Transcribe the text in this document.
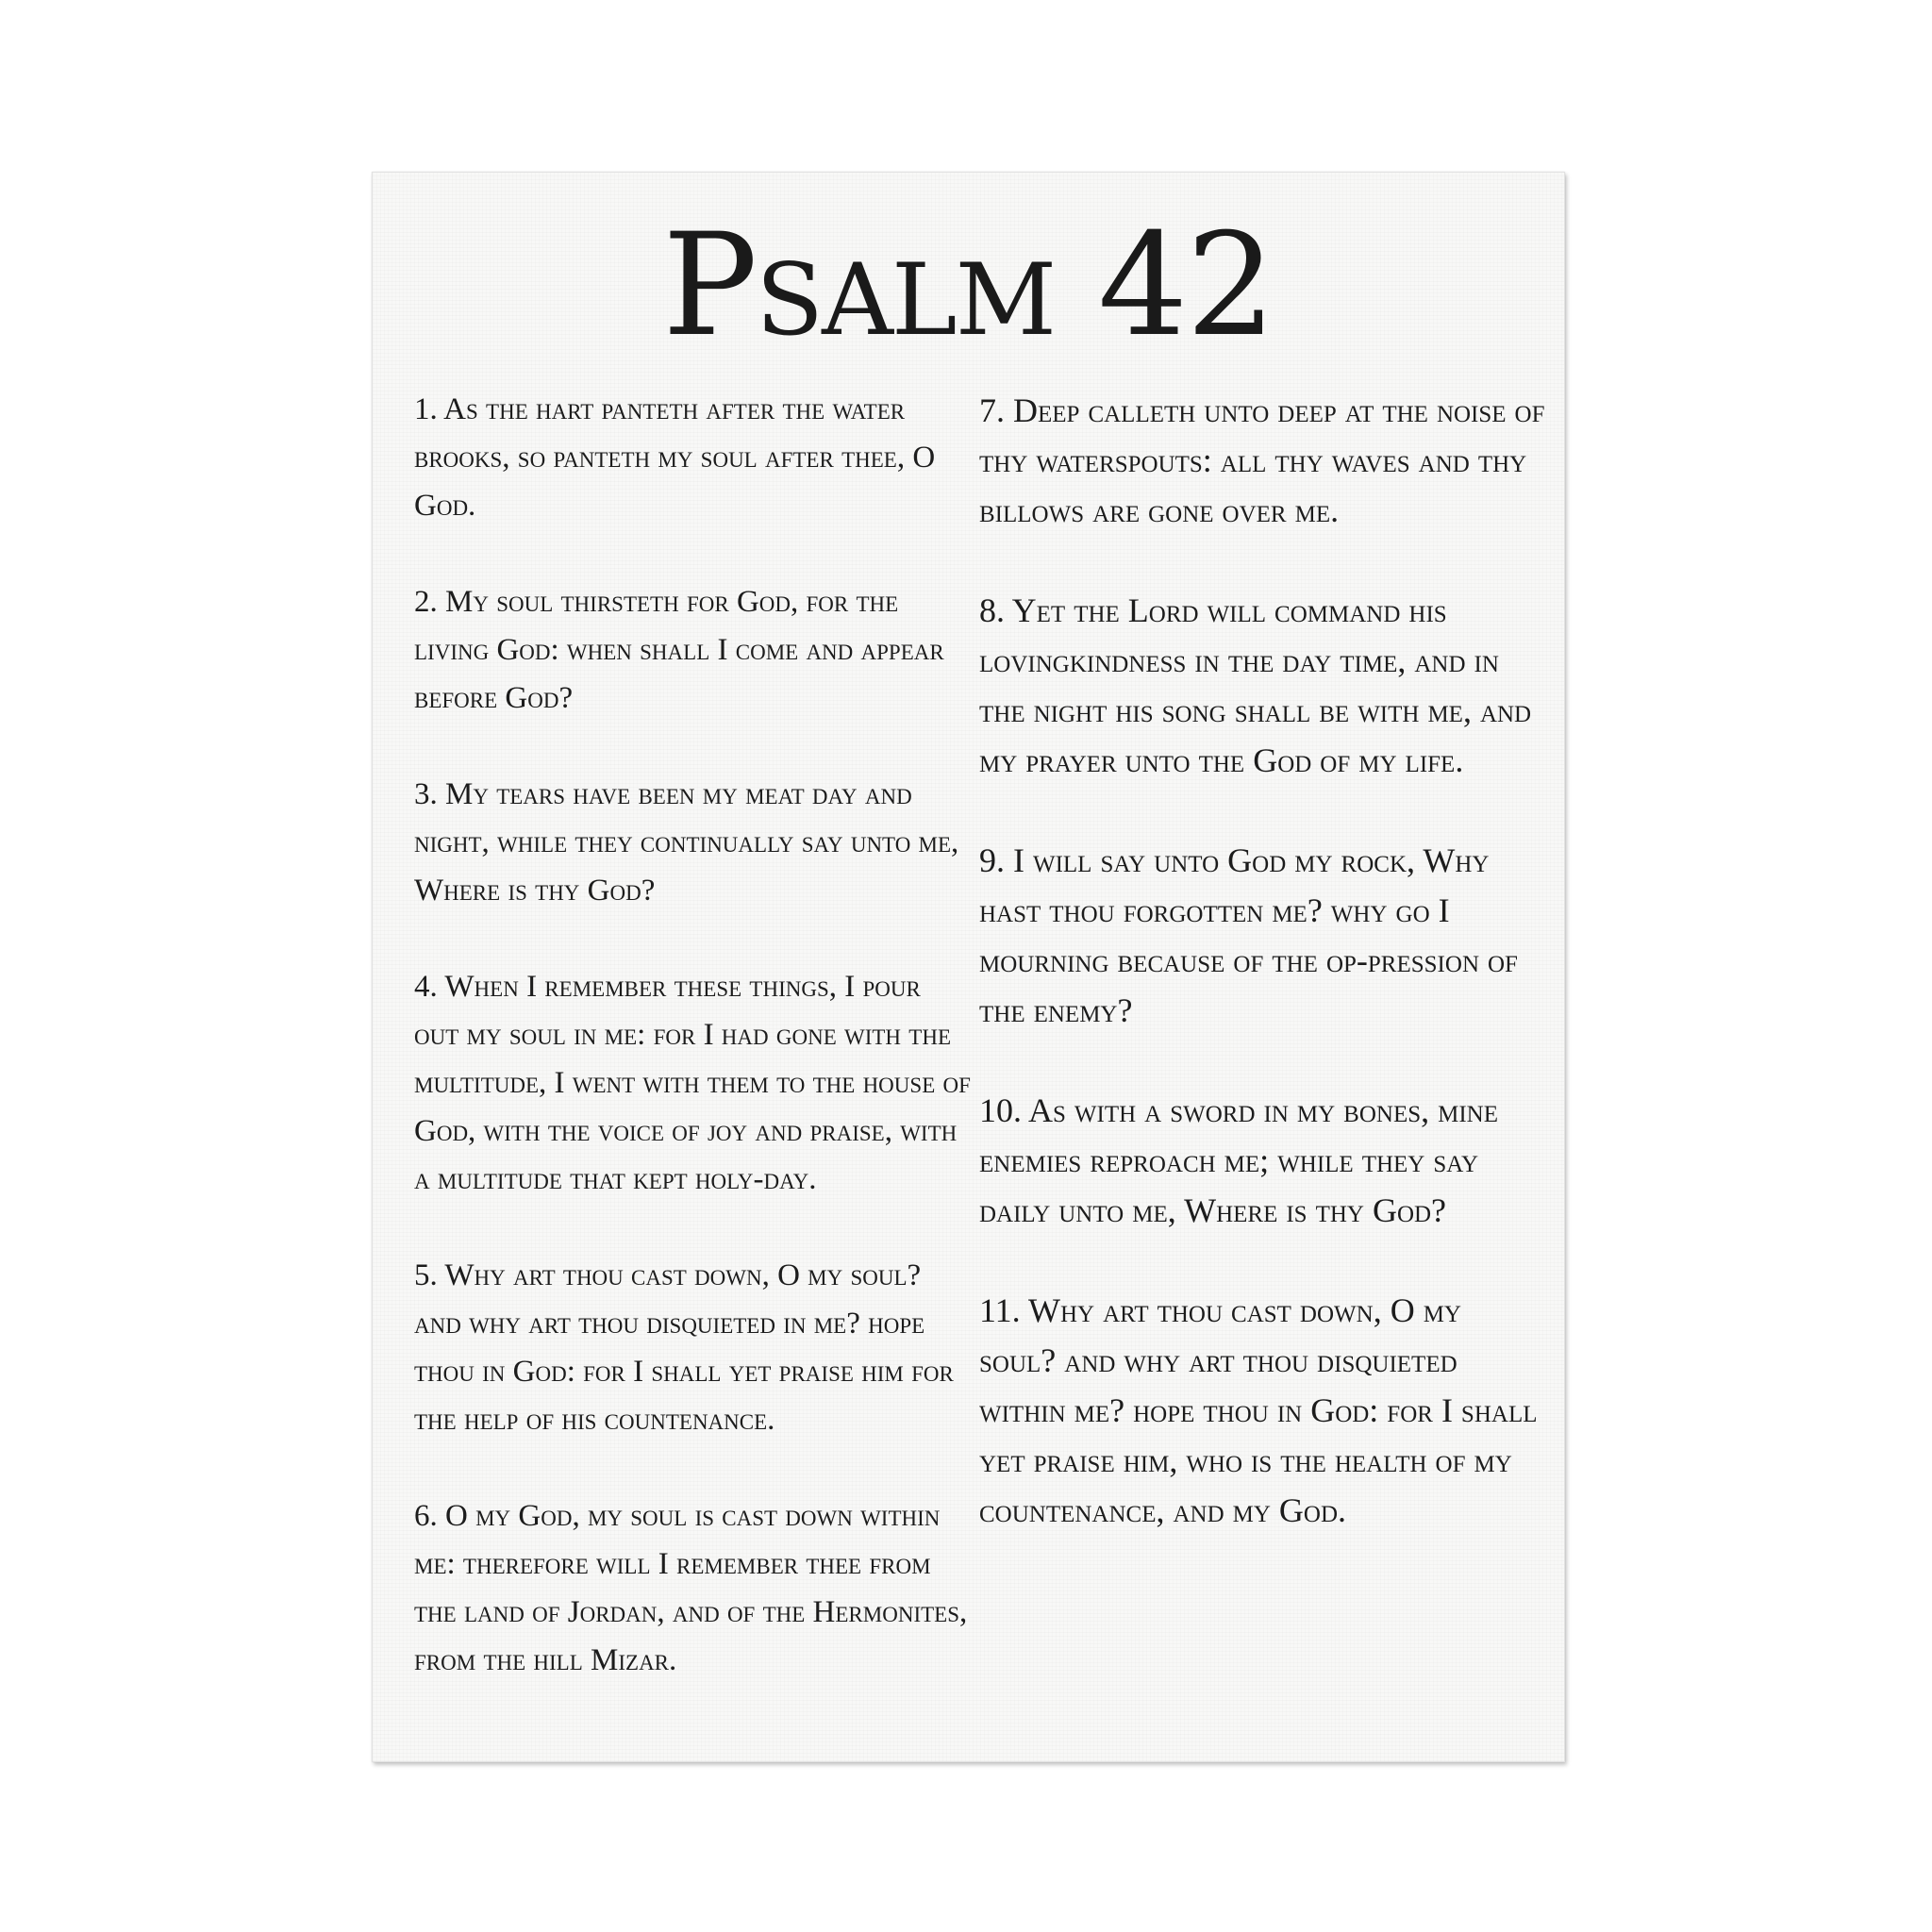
Psalm 42

1. As the hart panteth after the water brooks, so panteth my soul after thee, O God.

2. My soul thirsteth for God, for the living God: when shall I come and appear before God?

3. My tears have been my meat day and night, while they continually say unto me, Where is thy God?

4. When I remember these things, I pour out my soul in me: for I had gone with the multitude, I went with them to the house of God, with the voice of joy and praise, with a multitude that kept holy-day.

5. Why art thou cast down, O my soul? and why art thou disquieted in me? hope thou in God: for I shall yet praise him for the help of his countenance.

6. O my God, my soul is cast down within me: therefore will I remember thee from the land of Jordan, and of the Hermonites, from the hill Mizar.

7. Deep calleth unto deep at the noise of thy waterspouts: all thy waves and thy billows are gone over me.

8. Yet the Lord will command his lovingkindness in the day time, and in the night his song shall be with me, and my prayer unto the God of my life.

9. I will say unto God my rock, Why hast thou forgotten me? why go I mourning because of the op-pression of the enemy?

10. As with a sword in my bones, mine enemies reproach me; while they say daily unto me, Where is thy God?

11. Why art thou cast down, O my soul? and why art thou disquieted within me? hope thou in God: for I shall yet praise him, who is the health of my countenance, and my God.
